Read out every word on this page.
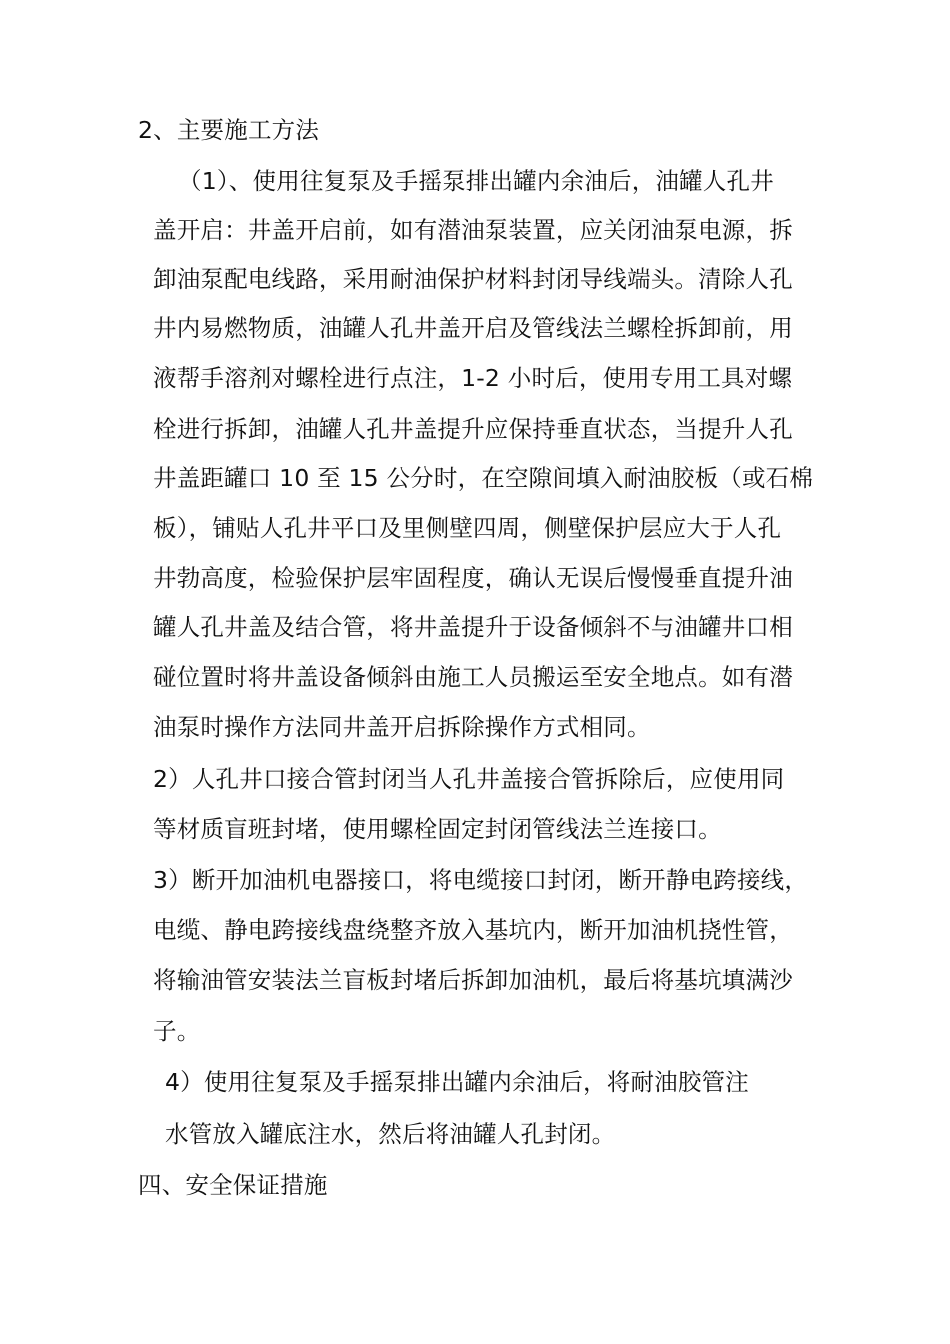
2、主要施工方法
（1）、使用往复泵及手摇泵排出罐内余油后，油罐人孔井
盖开启：井盖开启前，如有潜油泵装置，应关闭油泵电源，拆
卸油泵配电线路，采用耐油保护材料封闭导线端头。清除人孔
井内易燃物质，油罐人孔井盖开启及管线法兰螺栓拆卸前，用
液帮手溶剂对螺栓进行点注，1-2 小时后，使用专用工具对螺
栓进行拆卸，油罐人孔井盖提升应保持垂直状态，当提升人孔
井盖距罐口 10 至 15 公分时，在空隙间填入耐油胶板（或石棉
板），铺贴人孔井平口及里侧壁四周，侧壁保护层应大于人孔
井勃高度，检验保护层牢固程度，确认无误后慢慢垂直提升油
罐人孔井盖及结合管，将井盖提升于设备倾斜不与油罐井口相
碰位置时将井盖设备倾斜由施工人员搬运至安全地点。如有潜
油泵时操作方法同井盖开启拆除操作方式相同。
2）人孔井口接合管封闭当人孔井盖接合管拆除后，应使用同
等材质盲班封堵，使用螺栓固定封闭管线法兰连接口。
3）断开加油机电器接口，将电缆接口封闭，断开静电跨接线，
电缆、静电跨接线盘绕整齐放入基坑内，断开加油机挠性管，
将输油管安装法兰盲板封堵后拆卸加油机，最后将基坑填满沙
子。
4）使用往复泵及手摇泵排出罐内余油后，将耐油胶管注
水管放入罐底注水，然后将油罐人孔封闭。
四、安全保证措施
